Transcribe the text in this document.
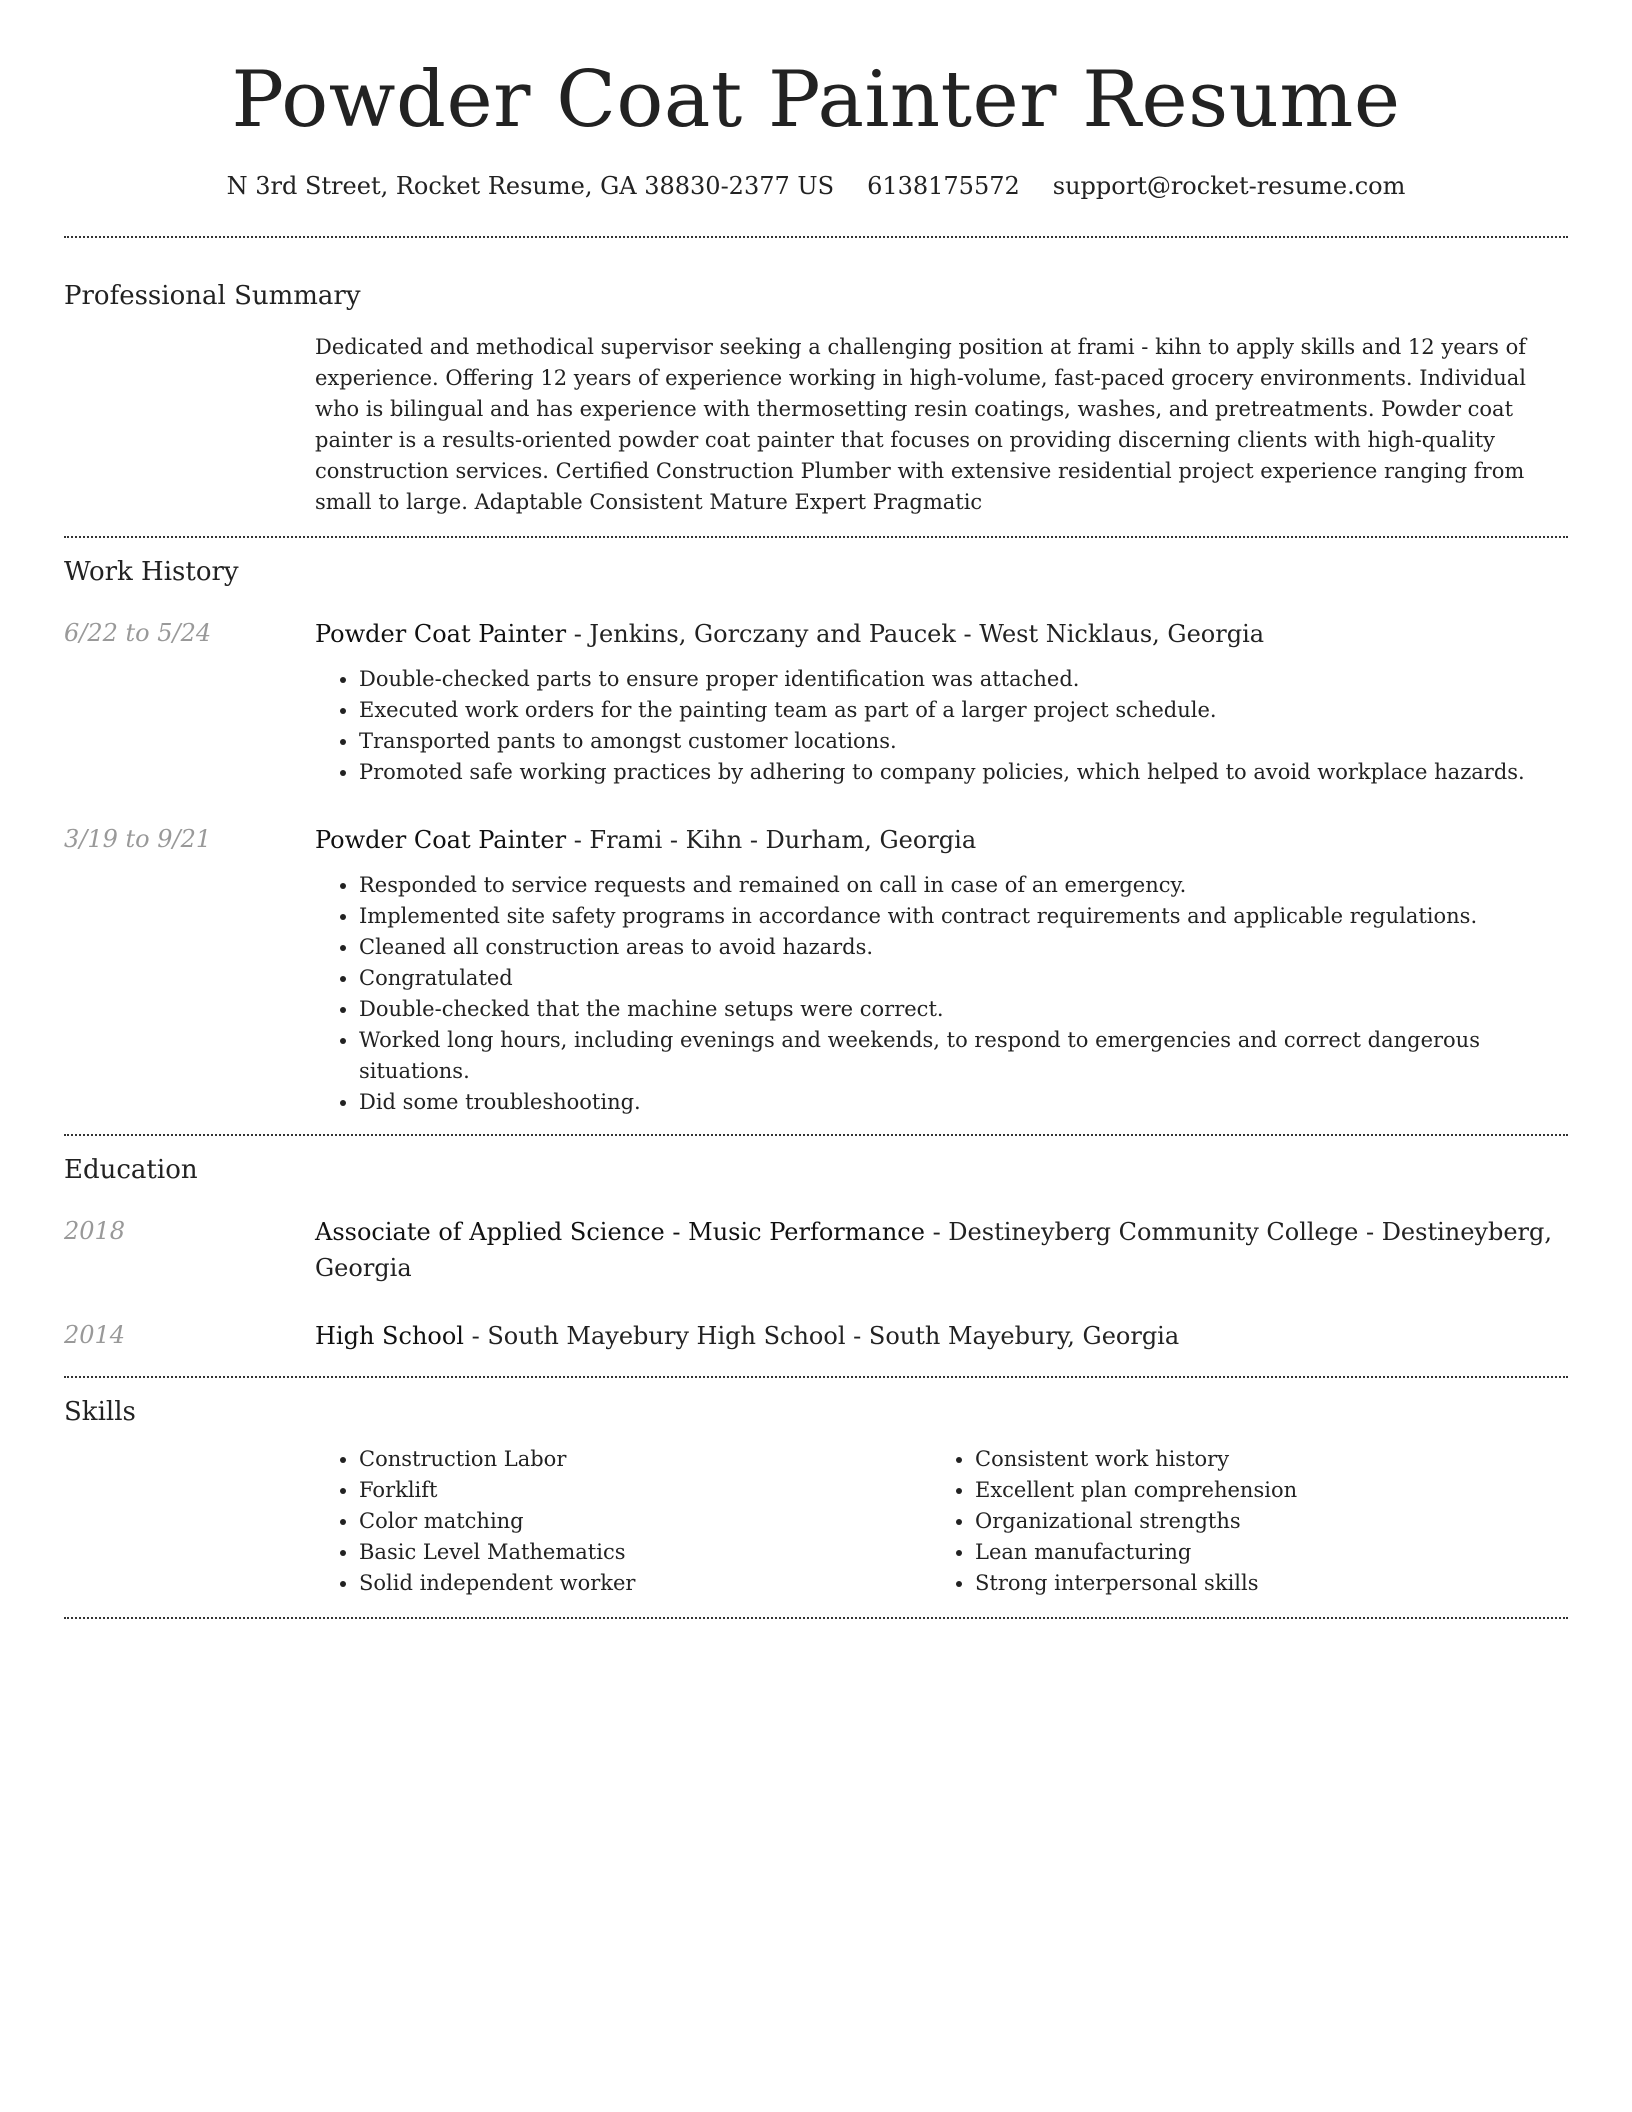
Powder Coat Painter Resume
N 3rd Street, Rocket Resume, GA 38830-2377 US 6138175572 support@rocket-resume.com
Professional Summary

Dedicated and methodical supervisor seeking a challenging position at frami - kihn to apply skills and 12 years of experience. Offering 12 years of experience working in high-volume, fast-paced grocery environments. Individual who is bilingual and has experience with thermosetting resin coatings, washes, and pretreatments. Powder coat painter is a results-oriented powder coat painter that focuses on providing discerning clients with high-quality construction services. Certified Construction Plumber with extensive residential project experience ranging from small to large. Adaptable Consistent Mature Expert Pragmatic

Work History
6/22 to 5/24	Powder Coat Painter - Jenkins, Gorczany and Paucek - West Nicklaus, Georgia
• Double-checked parts to ensure proper identification was attached.
• Executed work orders for the painting team as part of a larger project schedule.
• Transported pants to amongst customer locations.
• Promoted safe working practices by adhering to company policies, which helped to avoid workplace hazards.
3/19 to 9/21	Powder Coat Painter - Frami - Kihn - Durham, Georgia
• Responded to service requests and remained on call in case of an emergency.
• Implemented site safety programs in accordance with contract requirements and applicable regulations.
• Cleaned all construction areas to avoid hazards.
• Congratulated
• Double-checked that the machine setups were correct.
• Worked long hours, including evenings and weekends, to respond to emergencies and correct dangerous situations.
• Did some troubleshooting.
Education
2018	Associate of Applied Science - Music Performance - Destineyberg Community College - Destineyberg, Georgia
2014	High School - South Mayebury High School - South Mayebury, Georgia
Skills
• Construction Labor
• Forklift
• Color matching
• Basic Level Mathematics
• Solid independent worker
• Consistent work history
• Excellent plan comprehension
• Organizational strengths
• Lean manufacturing
• Strong interpersonal skills
